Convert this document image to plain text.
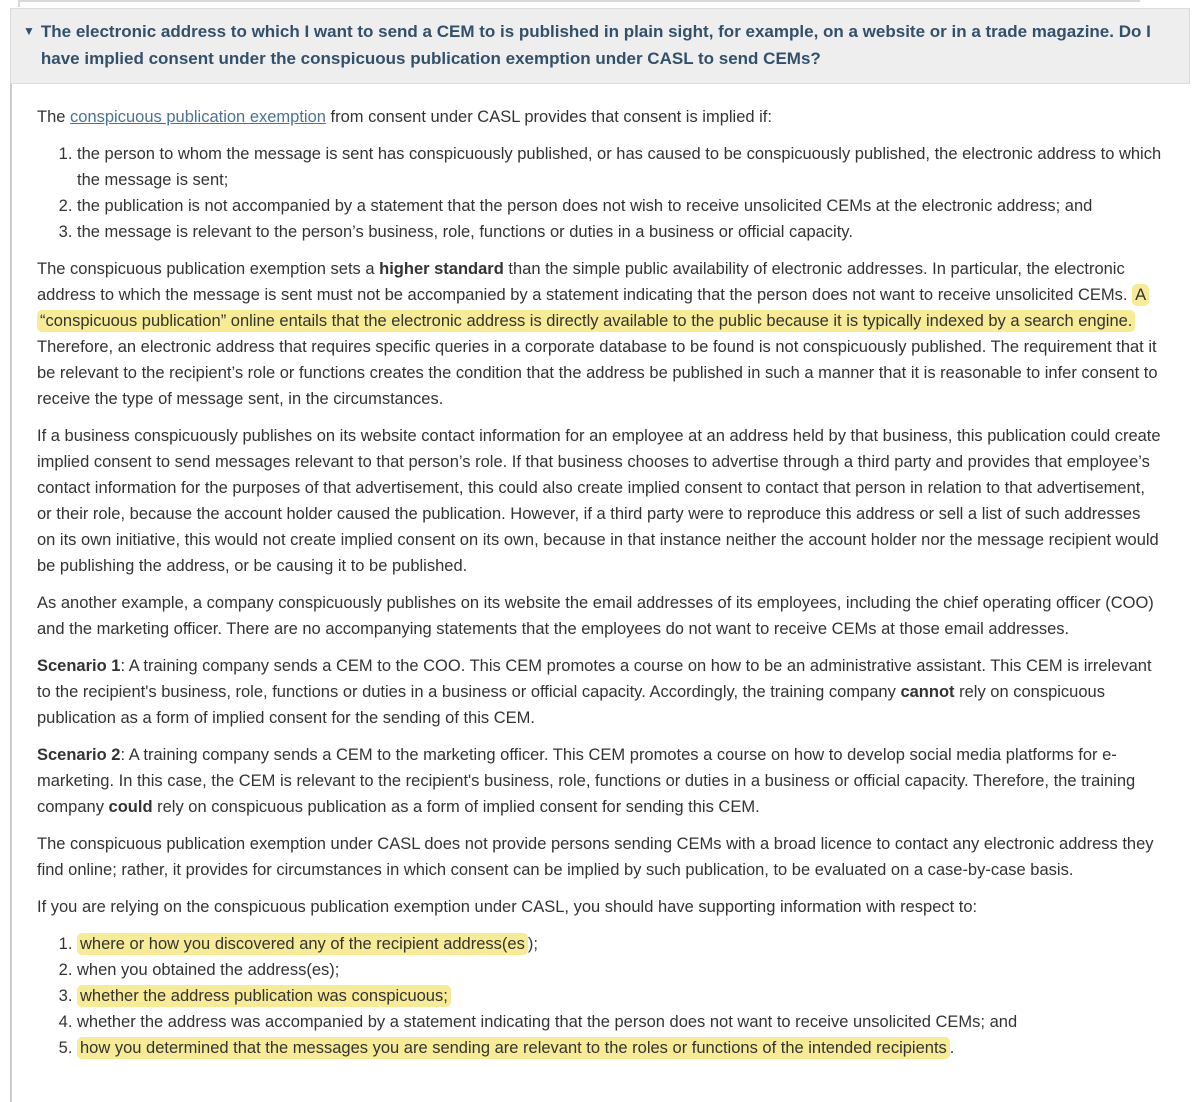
▼ The electronic address to which I want to send a CEM to is published in plain sight, for example, on a website or in a trade magazine. Do I have implied consent under the conspicuous publication exemption under CASL to send CEMs?

The conspicuous publication exemption from consent under CASL provides that consent is implied if:

1. the person to whom the message is sent has conspicuously published, or has caused to be conspicuously published, the electronic address to which the message is sent;
2. the publication is not accompanied by a statement that the person does not wish to receive unsolicited CEMs at the electronic address; and
3. the message is relevant to the person’s business, role, functions or duties in a business or official capacity.

The conspicuous publication exemption sets a higher standard than the simple public availability of electronic addresses. In particular, the electronic address to which the message is sent must not be accompanied by a statement indicating that the person does not want to receive unsolicited CEMs. A “conspicuous publication” online entails that the electronic address is directly available to the public because it is typically indexed by a search engine. Therefore, an electronic address that requires specific queries in a corporate database to be found is not conspicuously published. The requirement that it be relevant to the recipient’s role or functions creates the condition that the address be published in such a manner that it is reasonable to infer consent to receive the type of message sent, in the circumstances.

If a business conspicuously publishes on its website contact information for an employee at an address held by that business, this publication could create implied consent to send messages relevant to that person’s role. If that business chooses to advertise through a third party and provides that employee’s contact information for the purposes of that advertisement, this could also create implied consent to contact that person in relation to that advertisement, or their role, because the account holder caused the publication. However, if a third party were to reproduce this address or sell a list of such addresses on its own initiative, this would not create implied consent on its own, because in that instance neither the account holder nor the message recipient would be publishing the address, or be causing it to be published.

As another example, a company conspicuously publishes on its website the email addresses of its employees, including the chief operating officer (COO) and the marketing officer. There are no accompanying statements that the employees do not want to receive CEMs at those email addresses.

Scenario 1: A training company sends a CEM to the COO. This CEM promotes a course on how to be an administrative assistant. This CEM is irrelevant to the recipient's business, role, functions or duties in a business or official capacity. Accordingly, the training company cannot rely on conspicuous publication as a form of implied consent for the sending of this CEM.

Scenario 2: A training company sends a CEM to the marketing officer. This CEM promotes a course on how to develop social media platforms for e-marketing. In this case, the CEM is relevant to the recipient's business, role, functions or duties in a business or official capacity. Therefore, the training company could rely on conspicuous publication as a form of implied consent for sending this CEM.

The conspicuous publication exemption under CASL does not provide persons sending CEMs with a broad licence to contact any electronic address they find online; rather, it provides for circumstances in which consent can be implied by such publication, to be evaluated on a case-by-case basis.

If you are relying on the conspicuous publication exemption under CASL, you should have supporting information with respect to:

1. where or how you discovered any of the recipient address(es );
2. when you obtained the address(es);
3. whether the address publication was conspicuous;
4. whether the address was accompanied by a statement indicating that the person does not want to receive unsolicited CEMs; and
5. how you determined that the messages you are sending are relevant to the roles or functions of the intended recipients .
